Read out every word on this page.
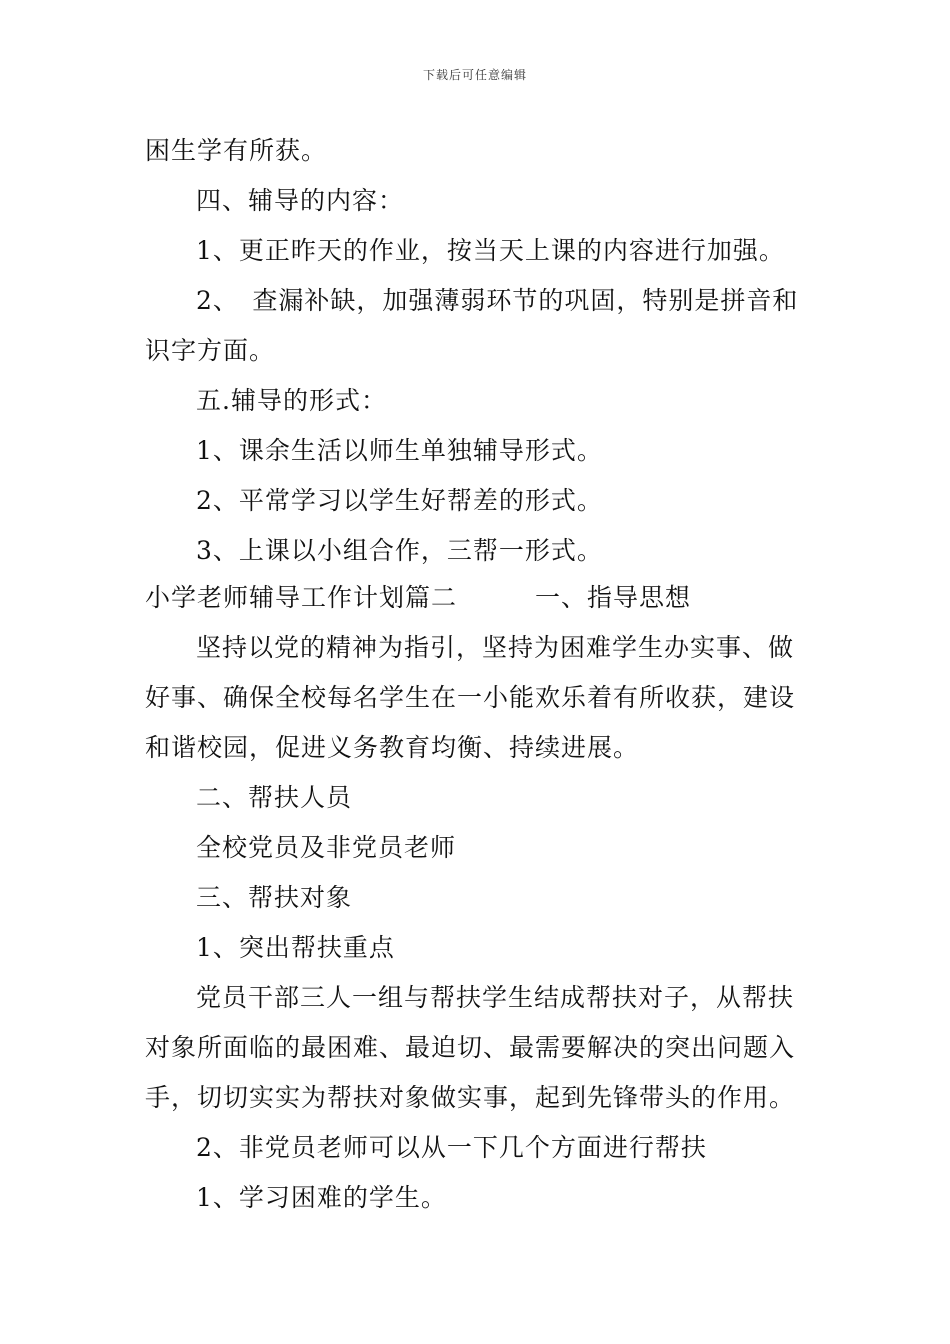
下载后可任意编辑
困生学有所获。
四、辅导的内容：
1、更正昨天的作业，按当天上课的内容进行加强。
2、　查漏补缺，加强薄弱环节的巩固，特别是拼音和
识字方面。
五.辅导的形式：
1、课余生活以师生单独辅导形式。
2、平常学习以学生好帮差的形式。
3、上课以小组合作，三帮一形式。
小学老师辅导工作计划篇二　　　一、指导思想
坚持以党的精神为指引，坚持为困难学生办实事、做
好事、确保全校每名学生在一小能欢乐着有所收获，建设
和谐校园，促进义务教育均衡、持续进展。
二、帮扶人员
全校党员及非党员老师
三、帮扶对象
1、突出帮扶重点
党员干部三人一组与帮扶学生结成帮扶对子，从帮扶
对象所面临的最困难、最迫切、最需要解决的突出问题入
手，切切实实为帮扶对象做实事，起到先锋带头的作用。
2、非党员老师可以从一下几个方面进行帮扶
1、学习困难的学生。
